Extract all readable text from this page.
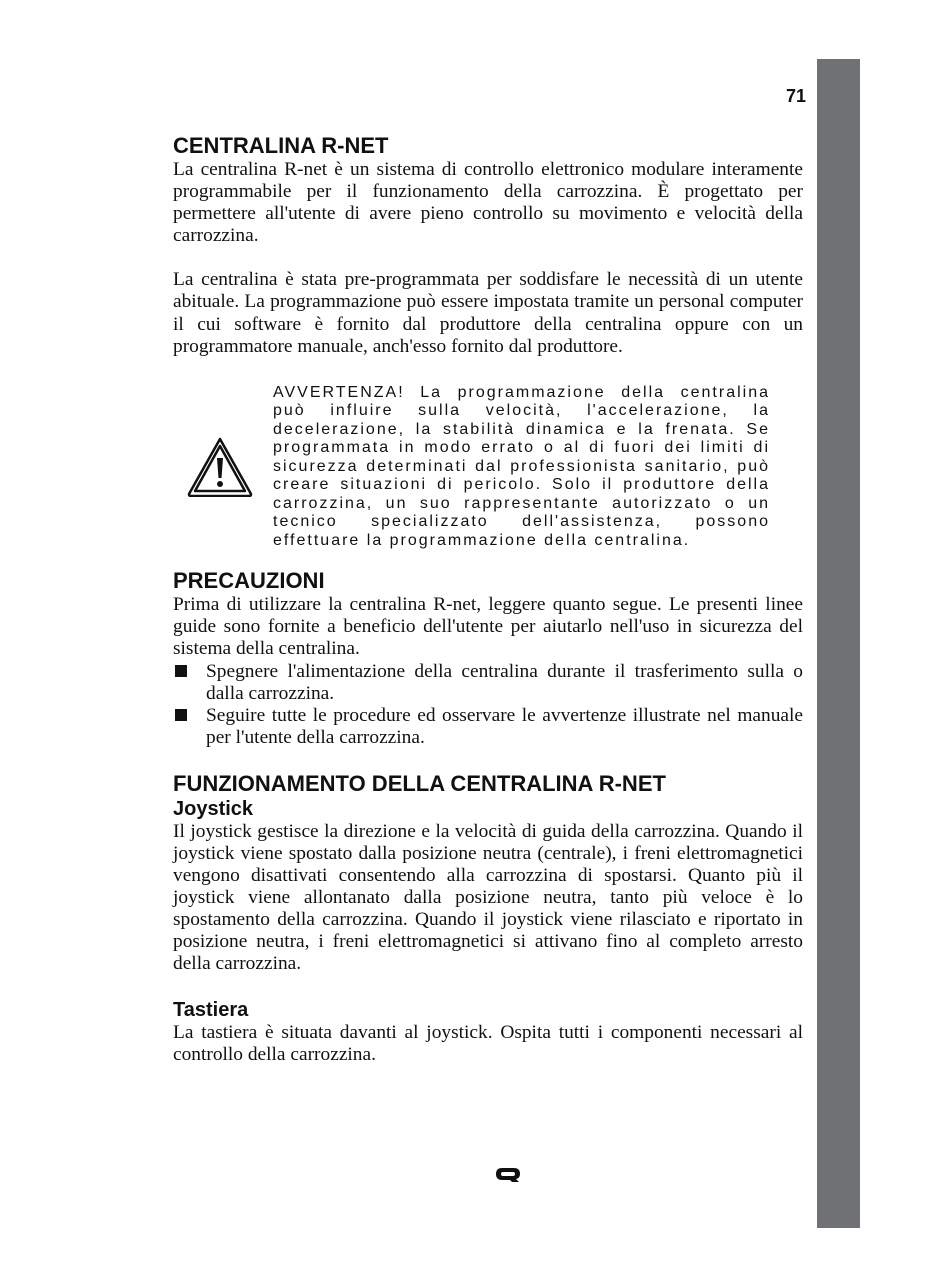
71
CENTRALINA R-NET

La centralina R-net è un sistema di controllo elettronico modulare interamente programmabile per il funzionamento della carrozzina. È progettato per permettere all'utente di avere pieno controllo su movimento e velocità della carrozzina.

La centralina è stata pre-programmata per soddisfare le necessità di un utente abituale. La programmazione può essere impostata tramite un personal computer il cui software è fornito dal produttore della centralina oppure con un programmatore manuale, anch'esso fornito dal produttore.

AVVERTENZA! La programmazione della centralina può influire sulla velocità, l'accelerazione, la decelerazione, la stabilità dinamica e la frenata. Se programmata in modo errato o al di fuori dei limiti di sicurezza determinati dal professionista sanitario, può creare situazioni di pericolo. Solo il produttore della carrozzina, un suo rappresentante autorizzato o un tecnico specializzato dell'assistenza, possono effettuare la programmazione della centralina.
PRECAUZIONI

Prima di utilizzare la centralina R-net, leggere quanto segue. Le presenti linee guide sono fornite a beneficio dell'utente per aiutarlo nell'uso in sicurezza del sistema della centralina.

Spegnere l'alimentazione della centralina durante il trasferimento sulla o dalla carrozzina.
Seguire tutte le procedure ed osservare le avvertenze illustrate nel manuale per l'utente della carrozzina.
FUNZIONAMENTO DELLA CENTRALINA R-NET
Joystick

Il joystick gestisce la direzione e la velocità di guida della carrozzina. Quando il joystick viene spostato dalla posizione neutra (centrale), i freni elettromagnetici vengono disattivati consentendo alla carrozzina di spostarsi. Quanto più il joystick viene allontanato dalla posizione neutra, tanto più veloce è lo spostamento della carrozzina. Quando il joystick viene rilasciato e riportato in posizione neutra, i freni elettromagnetici si attivano fino al completo arresto della carrozzina.

Tastiera

La tastiera è situata davanti al joystick. Ospita tutti i componenti necessari al controllo della carrozzina.
